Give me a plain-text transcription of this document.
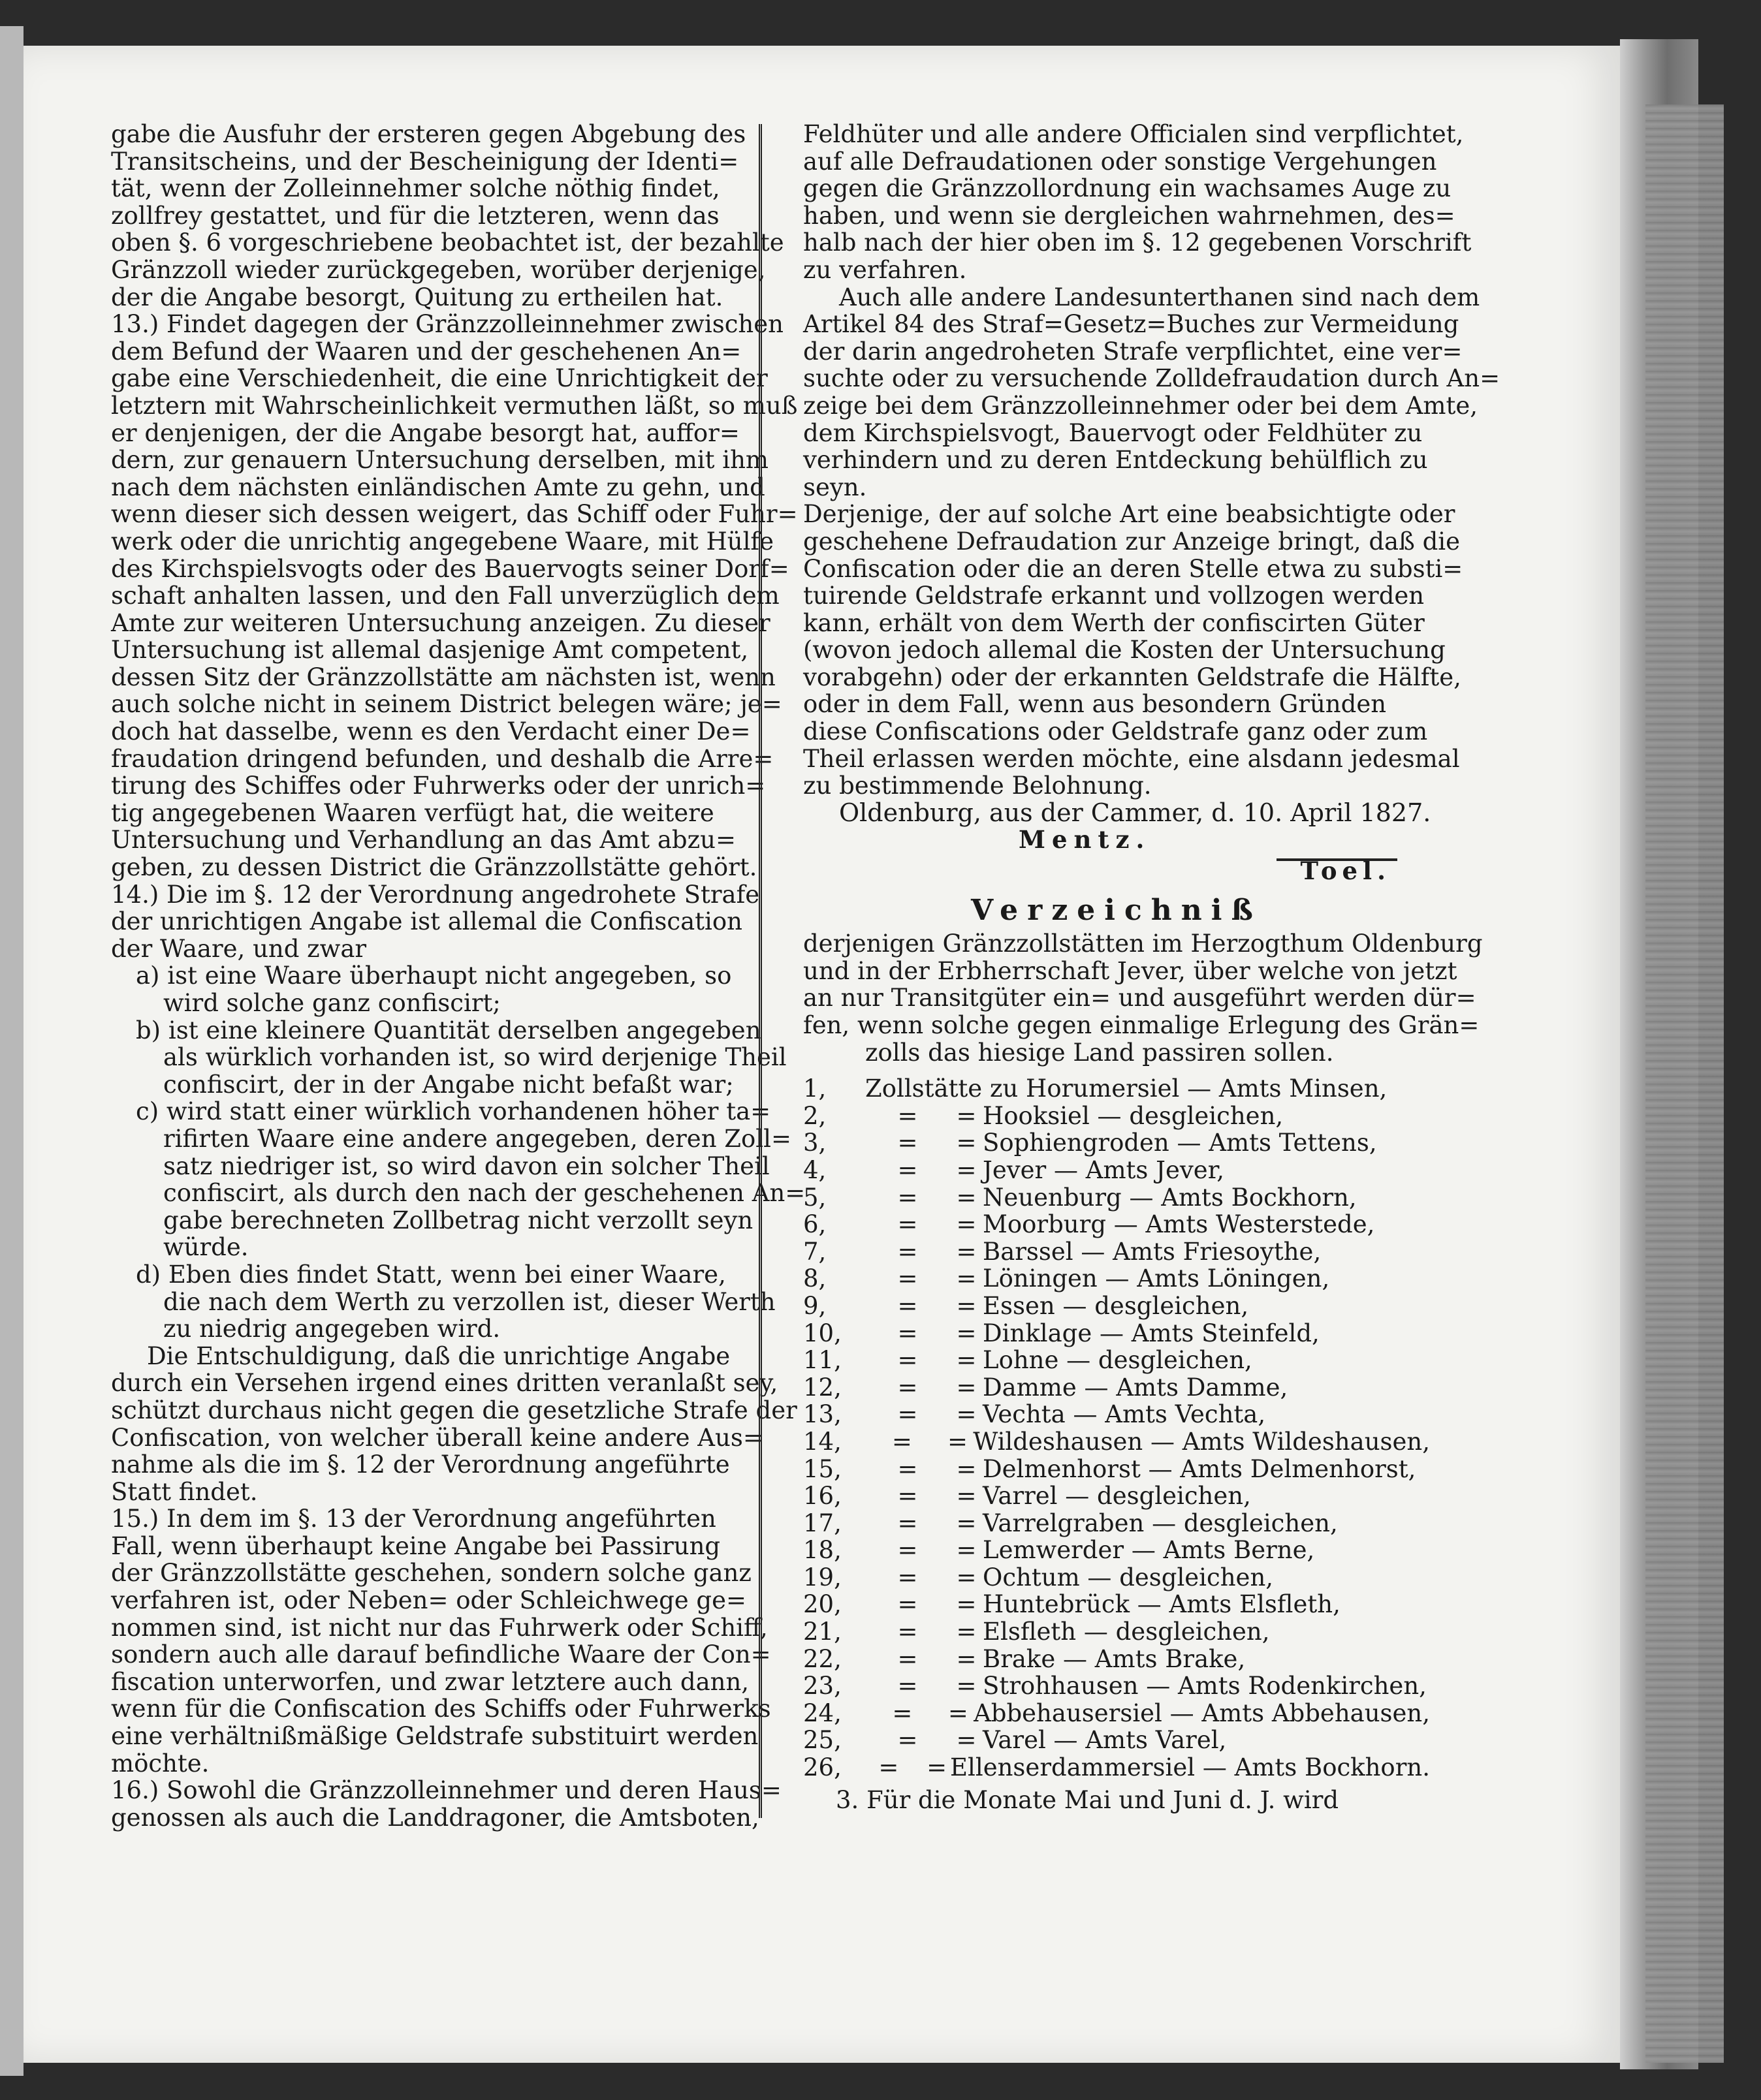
gabe die Ausfuhr der ersteren gegen Abgebung des
Transitscheins, und der Bescheinigung der Identi=
tät, wenn der Zolleinnehmer solche nöthig findet,
zollfrey gestattet, und für die letzteren, wenn das
oben §. 6 vorgeschriebene beobachtet ist, der bezahlte
Gränzzoll wieder zurückgegeben, worüber derjenige,
der die Angabe besorgt, Quitung zu ertheilen hat.
13.) Findet dagegen der Gränzzolleinnehmer zwischen
dem Befund der Waaren und der geschehenen An=
gabe eine Verschiedenheit, die eine Unrichtigkeit der
letztern mit Wahrscheinlichkeit vermuthen läßt, so muß
er denjenigen, der die Angabe besorgt hat, auffor=
dern, zur genauern Untersuchung derselben, mit ihm
nach dem nächsten einländischen Amte zu gehn, und
wenn dieser sich dessen weigert, das Schiff oder Fuhr=
werk oder die unrichtig angegebene Waare, mit Hülfe
des Kirchspielsvogts oder des Bauervogts seiner Dorf=
schaft anhalten lassen, und den Fall unverzüglich dem
Amte zur weiteren Untersuchung anzeigen. Zu dieser
Untersuchung ist allemal dasjenige Amt competent,
dessen Sitz der Gränzzollstätte am nächsten ist, wenn
auch solche nicht in seinem District belegen wäre; je=
doch hat dasselbe, wenn es den Verdacht einer De=
fraudation dringend befunden, und deshalb die Arre=
tirung des Schiffes oder Fuhrwerks oder der unrich=
tig angegebenen Waaren verfügt hat, die weitere
Untersuchung und Verhandlung an das Amt abzu=
geben, zu dessen District die Gränzzollstätte gehört.
14.) Die im §. 12 der Verordnung angedrohete Strafe
der unrichtigen Angabe ist allemal die Confiscation
der Waare, und zwar
a) ist eine Waare überhaupt nicht angegeben, so
wird solche ganz confiscirt;
b) ist eine kleinere Quantität derselben angegeben
als würklich vorhanden ist, so wird derjenige Theil
confiscirt, der in der Angabe nicht befaßt war;
c) wird statt einer würklich vorhandenen höher ta=
rifirten Waare eine andere angegeben, deren Zoll=
satz niedriger ist, so wird davon ein solcher Theil
confiscirt, als durch den nach der geschehenen An=
gabe berechneten Zollbetrag nicht verzollt seyn
würde.
d) Eben dies findet Statt, wenn bei einer Waare,
die nach dem Werth zu verzollen ist, dieser Werth
zu niedrig angegeben wird.
Die Entschuldigung, daß die unrichtige Angabe
durch ein Versehen irgend eines dritten veranlaßt sey,
schützt durchaus nicht gegen die gesetzliche Strafe der
Confiscation, von welcher überall keine andere Aus=
nahme als die im §. 12 der Verordnung angeführte
Statt findet.
15.) In dem im §. 13 der Verordnung angeführten
Fall, wenn überhaupt keine Angabe bei Passirung
der Gränzzollstätte geschehen, sondern solche ganz
verfahren ist, oder Neben= oder Schleichwege ge=
nommen sind, ist nicht nur das Fuhrwerk oder Schiff,
sondern auch alle darauf befindliche Waare der Con=
fiscation unterworfen, und zwar letztere auch dann,
wenn für die Confiscation des Schiffs oder Fuhrwerks
eine verhältnißmäßige Geldstrafe substituirt werden
möchte.
16.) Sowohl die Gränzzolleinnehmer und deren Haus=
genossen als auch die Landdragoner, die Amtsboten,
Feldhüter und alle andere Officialen sind verpflichtet,
auf alle Defraudationen oder sonstige Vergehungen
gegen die Gränzzollordnung ein wachsames Auge zu
haben, und wenn sie dergleichen wahrnehmen, des=
halb nach der hier oben im §. 12 gegebenen Vorschrift
zu verfahren.
Auch alle andere Landesunterthanen sind nach dem
Artikel 84 des Straf=Gesetz=Buches zur Vermeidung
der darin angedroheten Strafe verpflichtet, eine ver=
suchte oder zu versuchende Zolldefraudation durch An=
zeige bei dem Gränzzolleinnehmer oder bei dem Amte,
dem Kirchspielsvogt, Bauervogt oder Feldhüter zu
verhindern und zu deren Entdeckung behülflich zu
seyn.
Derjenige, der auf solche Art eine beabsichtigte oder
geschehene Defraudation zur Anzeige bringt, daß die
Confiscation oder die an deren Stelle etwa zu substi=
tuirende Geldstrafe erkannt und vollzogen werden
kann, erhält von dem Werth der confiscirten Güter
(wovon jedoch allemal die Kosten der Untersuchung
vorabgehn) oder der erkannten Geldstrafe die Hälfte,
oder in dem Fall, wenn aus besondern Gründen
diese Confiscations oder Geldstrafe ganz oder zum
Theil erlassen werden möchte, eine alsdann jedesmal
zu bestimmende Belohnung.
Oldenburg, aus der Cammer, d. 10. April 1827.
Mentz.
Toel.
Verzeichniß
derjenigen Gränzzollstätten im Herzogthum Oldenburg
und in der Erbherrschaft Jever, über welche von jetzt
an nur Transitgüter ein= und ausgeführt werden dür=
fen, wenn solche gegen einmalige Erlegung des Grän=
zolls das hiesige Land passiren sollen.
1,	Zollstätte zu Horumersiel — Amts Minsen,
2,	=	= Hooksiel — desgleichen,
3,	=	= Sophiengroden — Amts Tettens,
4,	=	= Jever — Amts Jever,
5,	=	= Neuenburg — Amts Bockhorn,
6,	=	= Moorburg — Amts Westerstede,
7,	=	= Barssel — Amts Friesoythe,
8,	=	= Löningen — Amts Löningen,
9,	=	= Essen — desgleichen,
10,	=	= Dinklage — Amts Steinfeld,
11,	=	= Lohne — desgleichen,
12,	=	= Damme — Amts Damme,
13,	=	= Vechta — Amts Vechta,
14,	=	= Wildeshausen — Amts Wildeshausen,
15,	=	= Delmenhorst — Amts Delmenhorst,
16,	=	= Varrel — desgleichen,
17,	=	= Varrelgraben — desgleichen,
18,	=	= Lemwerder — Amts Berne,
19,	=	= Ochtum — desgleichen,
20,	=	= Huntebrück — Amts Elsfleth,
21,	=	= Elsfleth — desgleichen,
22,	=	= Brake — Amts Brake,
23,	=	= Strohhausen — Amts Rodenkirchen,
24,	=	= Abbehausersiel — Amts Abbehausen,
25,	=	= Varel — Amts Varel,
26,	=	= Ellenserdammersiel — Amts Bockhorn.
3. Für die Monate Mai und Juni d. J. wird
